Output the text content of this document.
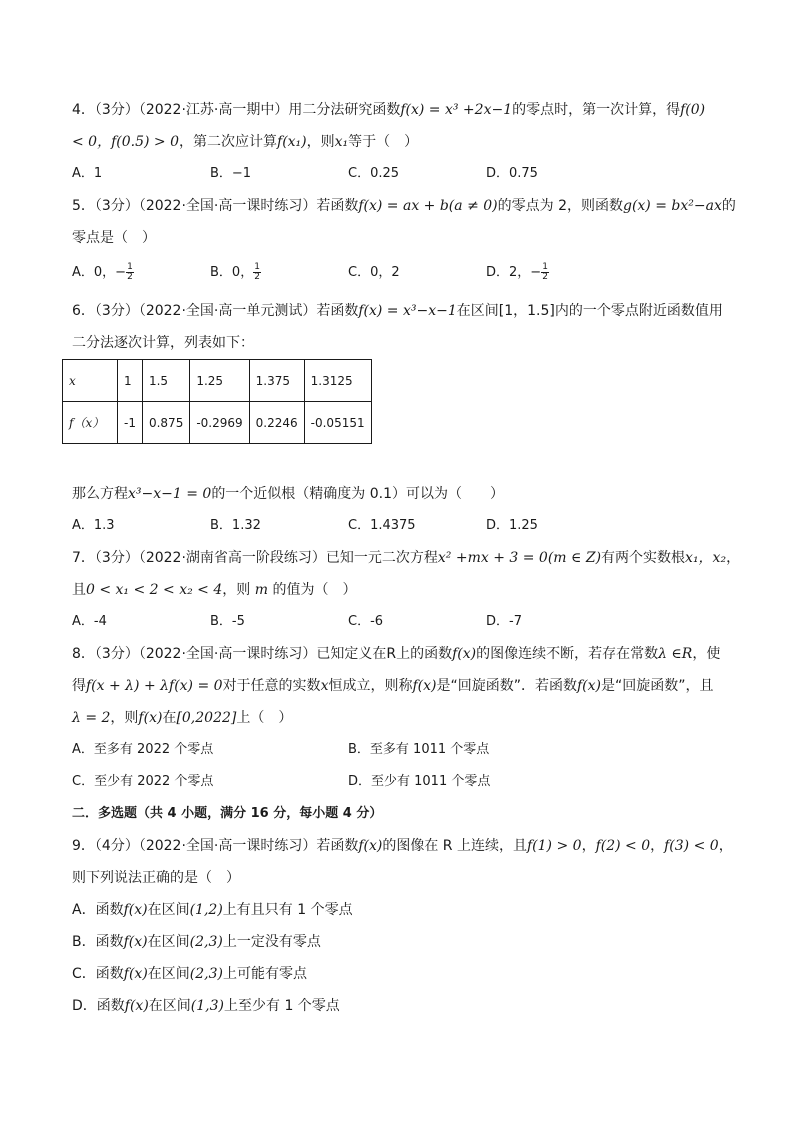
4．（3分）（2022·江苏·高一期中）用二分法研究函数f(x) = x³ +2x−1的零点时，第一次计算，得f(0)
< 0，f(0.5) > 0，第二次应计算f(x₁)，则x₁等于（　）
A．1	B．−1	C．0.25	D．0.75
5．（3分）（2022·全国·高一课时练习）若函数f(x) = ax + b(a ≠ 0)的零点为 2，则函数g(x) = bx²−ax的
零点是（　）
A．0，− $\frac{1}{2}$	B．0， $\frac{1}{2}$	C．0，2	D．2，− $\frac{1}{2}$
6．（3分）（2022·全国·高一单元测试）若函数f(x) = x³−x−1在区间[1，1.5]内的一个零点附近函数值用
二分法逐次计算，列表如下：
x	1	1.5	1.25	1.375	1.3125
f（x）	-1	0.875	-0.2969	0.2246	-0.05151
那么方程x³−x−1 = 0的一个近似根（精确度为 0.1）可以为（　　）
A．1.3	B．1.32	C．1.4375	D．1.25
7．（3分）（2022·湖南省高一阶段练习）已知一元二次方程x² +mx + 3 = 0(m ∈ Z)有两个实数根x₁，x₂，
且0 < x₁ < 2 < x₂ < 4，则 m 的值为（　）
A．-4	B．-5	C．-6	D．-7
8．（3分）（2022·全国·高一课时练习）已知定义在R上的函数f(x)的图像连续不断，若存在常数λ ∈R，使
得f(x + λ) + λf(x) = 0对于任意的实数x恒成立，则称f(x)是“回旋函数”．若函数f(x)是“回旋函数”，且
λ = 2，则f(x)在[0,2022]上（　）
A．至多有 2022 个零点	B．至多有 1011 个零点
C．至少有 2022 个零点	D．至少有 1011 个零点
二．多选题（共 4 小题，满分 16 分，每小题 4 分）
9．（4分）（2022·全国·高一课时练习）若函数f(x)的图像在 R 上连续，且f(1) > 0，f(2) < 0，f(3) < 0，
则下列说法正确的是（　）
A．函数f(x)在区间(1,2)上有且只有 1 个零点
B．函数f(x)在区间(2,3)上一定没有零点
C．函数f(x)在区间(2,3)上可能有零点
D．函数f(x)在区间(1,3)上至少有 1 个零点
